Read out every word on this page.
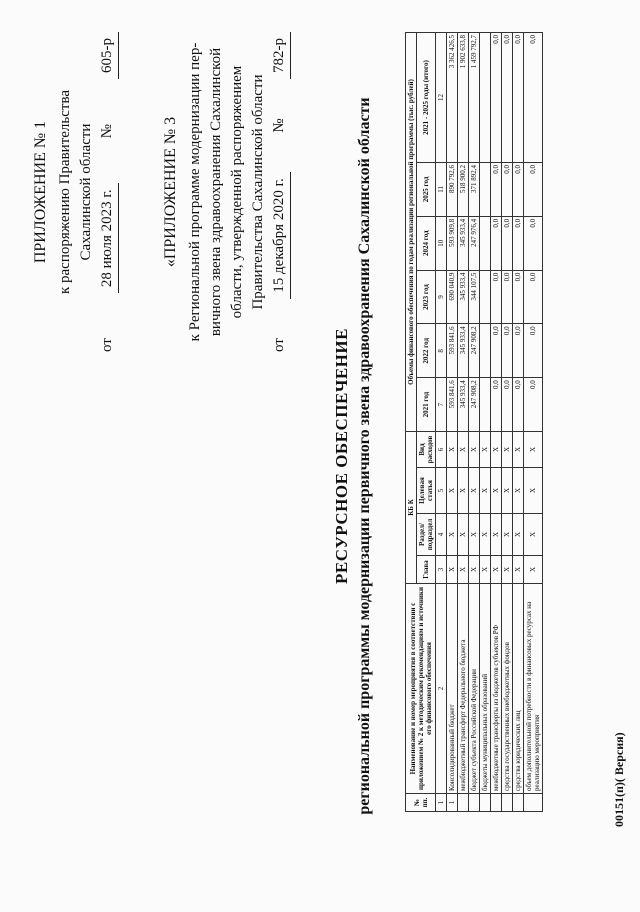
ПРИЛОЖЕНИЕ № 1 к распоряжению Правительства Сахалинской области
от
28 июля 2023 г.
№
605-р
«ПРИЛОЖЕНИЕ № 3 к Региональной программе модернизации пер- вичного звена здравоохранения Сахалинской области, утвержденной распоряжением Правительства Сахалинской области
от
15 декабря 2020 г.
№
782-р
РЕСУРСНОЕ ОБЕСПЕЧЕНИЕ региональной программы модернизации первичного звена здравоохранения Сахалинской области	№ пп.	Наименование и номер мероприятия в соответствии с приложением № 2 к методическим рекомендациям и источники его финансового обеспечения	КБ К				Объемы финансового обеспечения по годам реализации региональной программы (тыс. рублей)					
		Глава	Раздел/ подраздел	Целевая статья	Вид расходов	2021 год	2022 год	2023 год	2024 год	2025 год	2021 - 2025 годы (итого)
1	2	3	4	5	6	7	8	9	10	11	12
1	Консолидированный бюджет	X	X	X	X	593 841,6	593 841,6	690 040,9	593 909,8	890 792,6	3 362 426,5
	межбюджетный трансферт Федерального бюджета	X	X	X	X	345 933,4	345 933,4	345 933,4	345 933,4	518 900,2	1 902 633,8
	бюджет субъекта Российской Федерации	X	X	X	X	247 908,2	247 908,2	344 107,5	247 976,4	371 892,4	1 459 792,7
	бюджеты муниципальных образований	X	X	X	X						
	межбюджетные трансферты из бюджетов субъектов РФ	X	X	X	X	0,0	0,0	0,0	0,0	0,0	0,0
	средства государственных внебюджетных фондов	X	X	X	X	0,0	0,0	0,0	0,0	0,0	0,0
	средства юридических лиц	X	X	X	X	0,0	0,0	0,0	0,0	0,0	0,0
	объем дополнительной потребности в финансовых ресурсах на реализацию мероприятия	X	X	X	X	0,0	0,0	0,0	0,0	0,0	0,0
00151(п)( Версия)
